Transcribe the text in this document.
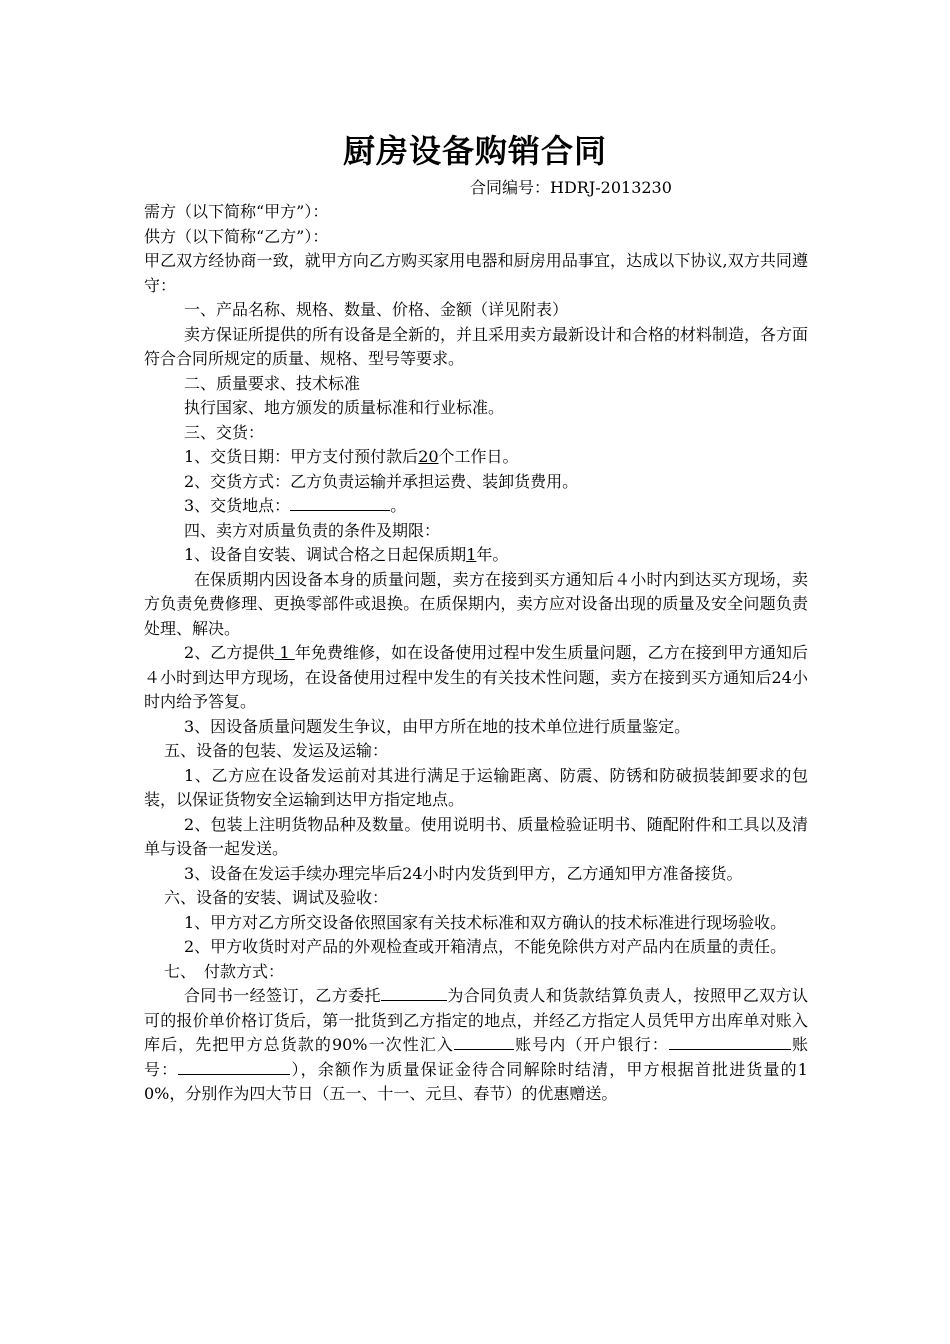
厨房设备购销合同
合同编号：HDRJ-2013230

需方（以下简称“甲方”）：

供方（以下简称“乙方”）：

甲乙双方经协商一致，就甲方向乙方购买家用电器和厨房用品事宜，达成以下协议,双方共同遵守：

一、产品名称、规格、数量、价格、金额（详见附表）

卖方保证所提供的所有设备是全新的，并且采用卖方最新设计和合格的材料制造，各方面符合合同所规定的质量、规格、型号等要求。

二、质量要求、技术标准

执行国家、地方颁发的质量标准和行业标准。

三、交货：

1、交货日期：甲方支付预付款后20个工作日。

2、交货方式：乙方负责运输并承担运费、装卸货费用。

3、交货地点：	。

四、卖方对质量负责的条件及期限：

1、设备自安装、调试合格之日起保质期1年。

在保质期内因设备本身的质量问题，卖方在接到买方通知后４小时内到达买方现场，卖方负责免费修理、更换零部件或退换。在质保期内，卖方应对设备出现的质量及安全问题负责处理、解决。

2、乙方提供 1 年免费维修，如在设备使用过程中发生质量问题，乙方在接到甲方通知后４小时到达甲方现场，在设备使用过程中发生的有关技术性问题，卖方在接到买方通知后24小时内给予答复。

3、因设备质量问题发生争议，由甲方所在地的技术单位进行质量鉴定。

五、设备的包装、发运及运输：

1、乙方应在设备发运前对其进行满足于运输距离、防震、防锈和防破损装卸要求的包装，以保证货物安全运输到达甲方指定地点。

2、包装上注明货物品种及数量。使用说明书、质量检验证明书、随配附件和工具以及清单与设备一起发送。

3、设备在发运手续办理完毕后24小时内发货到甲方，乙方通知甲方准备接货。

六、设备的安装、调试及验收：

1、甲方对乙方所交设备依照国家有关技术标准和双方确认的技术标准进行现场验收。

2、甲方收货时对产品的外观检查或开箱清点，不能免除供方对产品内在质量的责任。

七、　付款方式：

合同书一经签订，乙方委托	为合同负责人和货款结算负责人，按照甲乙双方认可的报价单价格订货后，第一批货到乙方指定的地点，并经乙方指定人员凭甲方出库单对账入库后，先把甲方总货款的90%一次性汇入	账号内（开户银行：	账号：	），余额作为质量保证金待合同解除时结清，甲方根据首批进货量的10%，分别作为四大节日（五一、十一、元旦、春节）的优惠赠送。
